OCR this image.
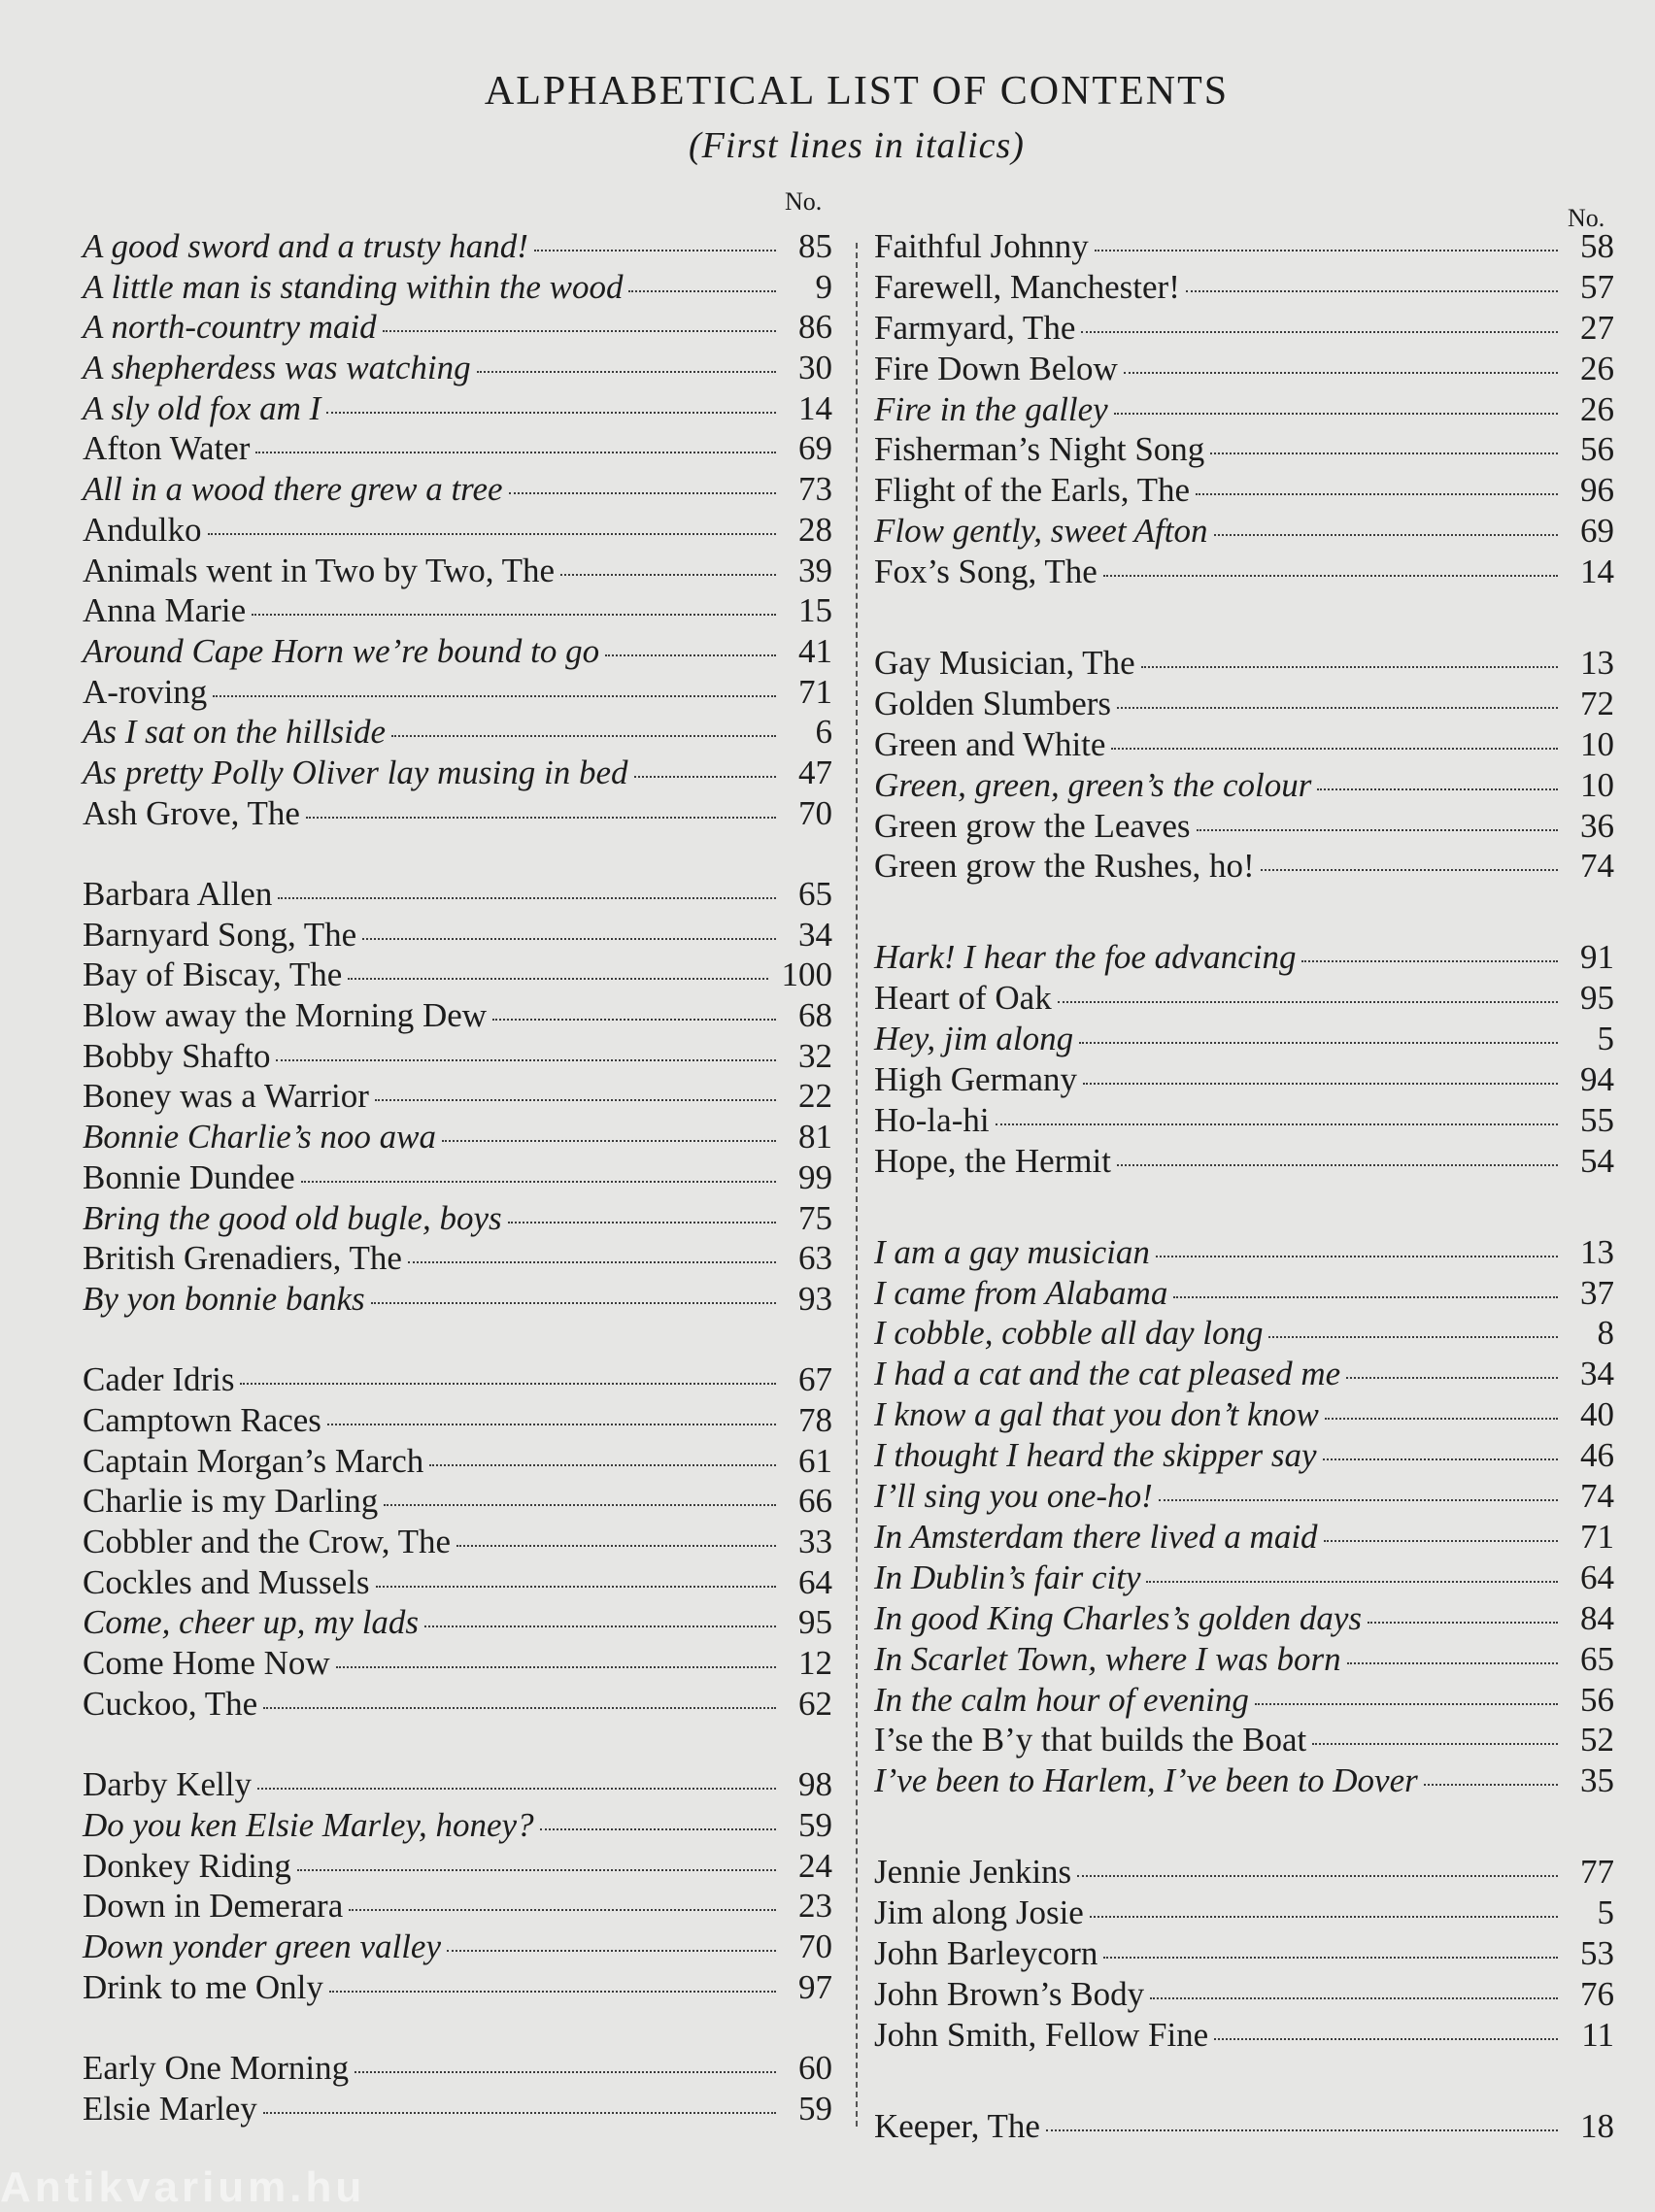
ALPHABETICAL LIST OF CONTENTS
(First lines in italics)
No.
No.
A good sword and a trusty hand!	85
A little man is standing within the wood	9
A north-country maid	86
A shepherdess was watching	30
A sly old fox am I	14
Afton Water	69
All in a wood there grew a tree	73
Andulko	28
Animals went in Two by Two, The	39
Anna Marie	15
Around Cape Horn we’re bound to go	41
A-roving	71
As I sat on the hillside	6
As pretty Polly Oliver lay musing in bed	47
Ash Grove, The	70
Barbara Allen	65
Barnyard Song, The	34
Bay of Biscay, The	100
Blow away the Morning Dew	68
Bobby Shafto	32
Boney was a Warrior	22
Bonnie Charlie’s noo awa	81
Bonnie Dundee	99
Bring the good old bugle, boys	75
British Grenadiers, The	63
By yon bonnie banks	93
Cader Idris	67
Camptown Races	78
Captain Morgan’s March	61
Charlie is my Darling	66
Cobbler and the Crow, The	33
Cockles and Mussels	64
Come, cheer up, my lads	95
Come Home Now	12
Cuckoo, The	62
Darby Kelly	98
Do you ken Elsie Marley, honey?	59
Donkey Riding	24
Down in Demerara	23
Down yonder green valley	70
Drink to me Only	97
Early One Morning	60
Elsie Marley	59
Faithful Johnny	58
Farewell, Manchester!	57
Farmyard, The	27
Fire Down Below	26
Fire in the galley	26
Fisherman’s Night Song	56
Flight of the Earls, The	96
Flow gently, sweet Afton	69
Fox’s Song, The	14
Gay Musician, The	13
Golden Slumbers	72
Green and White	10
Green, green, green’s the colour	10
Green grow the Leaves	36
Green grow the Rushes, ho!	74
Hark! I hear the foe advancing	91
Heart of Oak	95
Hey, jim along	5
High Germany	94
Ho-la-hi	55
Hope, the Hermit	54
I am a gay musician	13
I came from Alabama	37
I cobble, cobble all day long	8
I had a cat and the cat pleased me	34
I know a gal that you don’t know	40
I thought I heard the skipper say	46
I’ll sing you one-ho!	74
In Amsterdam there lived a maid	71
In Dublin’s fair city	64
In good King Charles’s golden days	84
In Scarlet Town, where I was born	65
In the calm hour of evening	56
I’se the B’y that builds the Boat	52
I’ve been to Harlem, I’ve been to Dover	35
Jennie Jenkins	77
Jim along Josie	5
John Barleycorn	53
John Brown’s Body	76
John Smith, Fellow Fine	11
Keeper, The	18
Antikvarium.hu
